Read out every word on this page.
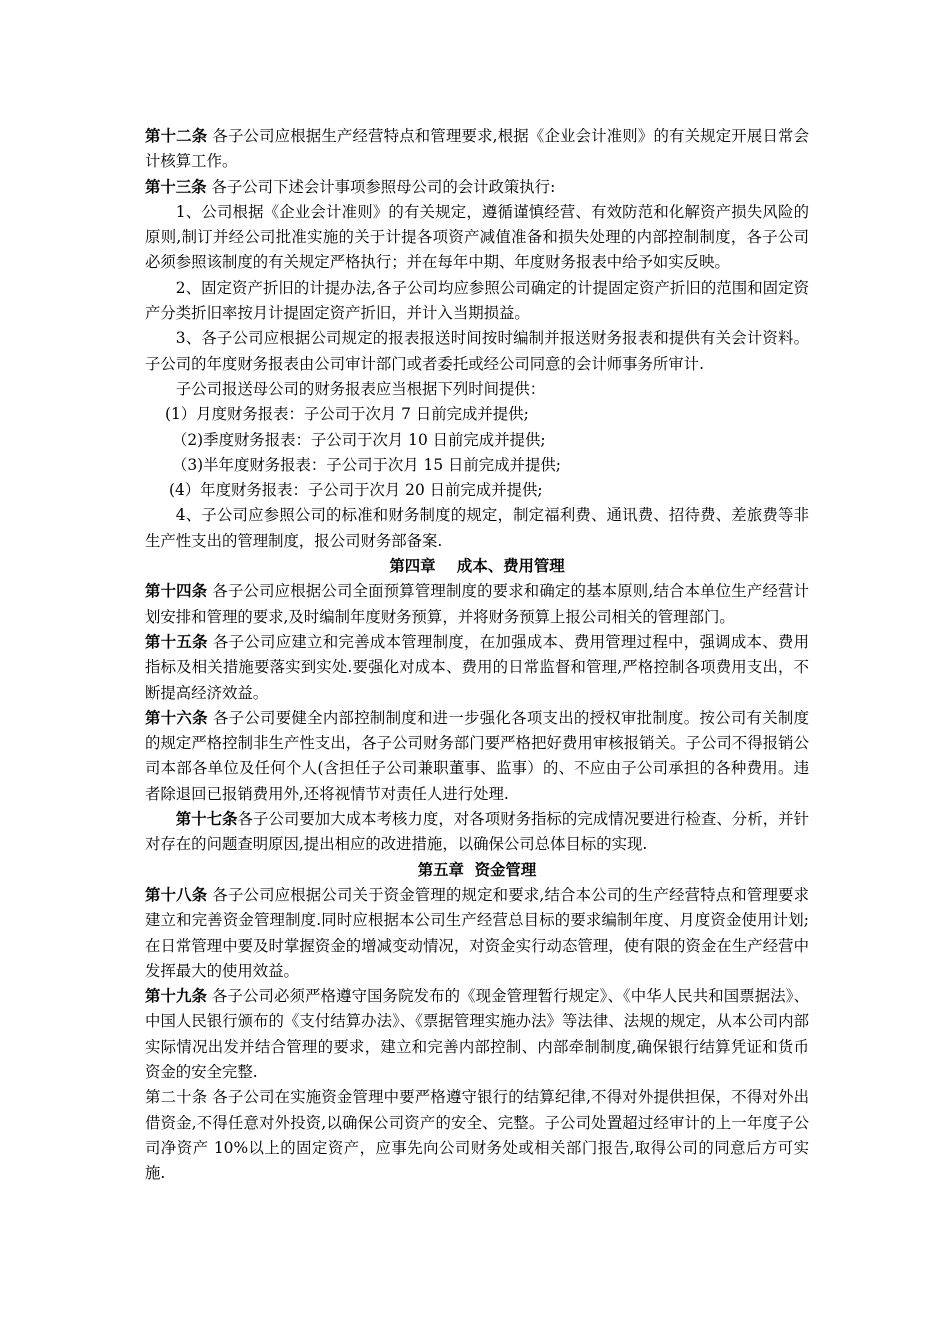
第十二条 各子公司应根据生产经营特点和管理要求,根据《企业会计准则》的有关规定开展日常会计核算工作。

第十三条 各子公司下述会计事项参照母公司的会计政策执行:

1、公司根据《企业会计准则》的有关规定，遵循谨慎经营、有效防范和化解资产损失风险的原则,制订并经公司批准实施的关于计提各项资产减值准备和损失处理的内部控制制度，各子公司必须参照该制度的有关规定严格执行；并在每年中期、年度财务报表中给予如实反映。

2、固定资产折旧的计提办法,各子公司均应参照公司确定的计提固定资产折旧的范围和固定资产分类折旧率按月计提固定资产折旧，并计入当期损益。

3、各子公司应根据公司规定的报表报送时间按时编制并报送财务报表和提供有关会计资料。子公司的年度财务报表由公司审计部门或者委托或经公司同意的会计师事务所审计.

子公司报送母公司的财务报表应当根据下列时间提供：

(1）月度财务报表：子公司于次月 7 日前完成并提供;

（2)季度财务报表：子公司于次月 10 日前完成并提供;

（3)半年度财务报表：子公司于次月 15 日前完成并提供;

(4）年度财务报表：子公司于次月 20 日前完成并提供;

4、子公司应参照公司的标准和财务制度的规定，制定福利费、通讯费、招待费、差旅费等非生产性支出的管理制度，报公司财务部备案.

第四章    成本、费用管理

第十四条 各子公司应根据公司全面预算管理制度的要求和确定的基本原则,结合本单位生产经营计划安排和管理的要求,及时编制年度财务预算，并将财务预算上报公司相关的管理部门。

第十五条 各子公司应建立和完善成本管理制度，在加强成本、费用管理过程中，强调成本、费用指标及相关措施要落实到实处.要强化对成本、费用的日常监督和管理,严格控制各项费用支出，不断提高经济效益。

第十六条 各子公司要健全内部控制制度和进一步强化各项支出的授权审批制度。按公司有关制度的规定严格控制非生产性支出，各子公司财务部门要严格把好费用审核报销关。子公司不得报销公司本部各单位及任何个人(含担任子公司兼职董事、监事）的、不应由子公司承担的各种费用。违者除退回已报销费用外,还将视情节对责任人进行处理.

第十七条各子公司要加大成本考核力度，对各项财务指标的完成情况要进行检查、分析，并针对存在的问题查明原因,提出相应的改进措施，以确保公司总体目标的实现.

第五章  资金管理

第十八条 各子公司应根据公司关于资金管理的规定和要求,结合本公司的生产经营特点和管理要求建立和完善资金管理制度.同时应根据本公司生产经营总目标的要求编制年度、月度资金使用计划;在日常管理中要及时掌握资金的增减变动情况，对资金实行动态管理，使有限的资金在生产经营中发挥最大的使用效益。

第十九条 各子公司必须严格遵守国务院发布的《现金管理暂行规定》、《中华人民共和国票据法》、中国人民银行颁布的《支付结算办法》、《票据管理实施办法》等法律、法规的规定，从本公司内部实际情况出发并结合管理的要求，建立和完善内部控制、内部牵制制度,确保银行结算凭证和货币资金的安全完整.

第二十条 各子公司在实施资金管理中要严格遵守银行的结算纪律,不得对外提供担保，不得对外出借资金,不得任意对外投资,以确保公司资产的安全、完整。子公司处置超过经审计的上一年度子公司净资产 10%以上的固定资产，应事先向公司财务处或相关部门报告,取得公司的同意后方可实施.
